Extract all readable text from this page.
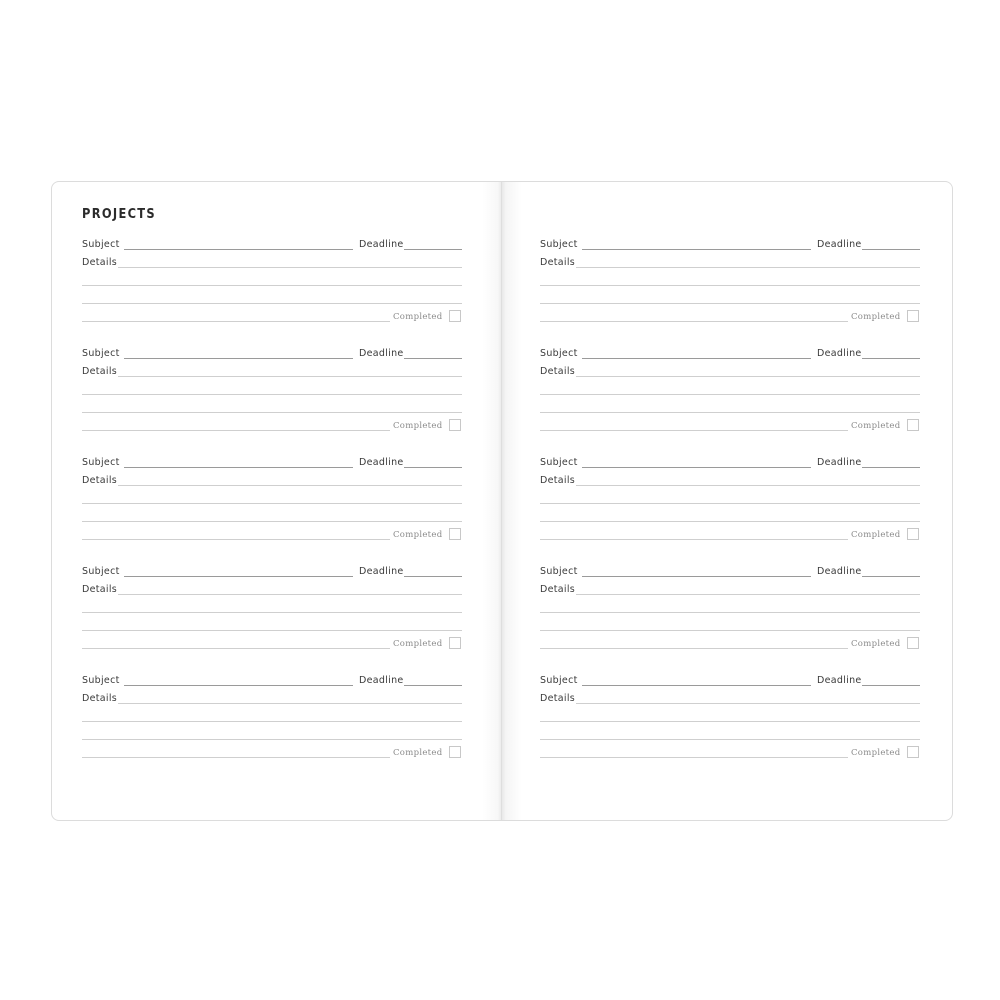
PROJECTS
Subject	Deadline
Details
Completed
Subject	Deadline
Details
Completed
Subject	Deadline
Details
Completed
Subject	Deadline
Details
Completed
Subject	Deadline
Details
Completed
Subject	Deadline
Details
Completed
Subject	Deadline
Details
Completed
Subject	Deadline
Details
Completed
Subject	Deadline
Details
Completed
Subject	Deadline
Details
Completed
